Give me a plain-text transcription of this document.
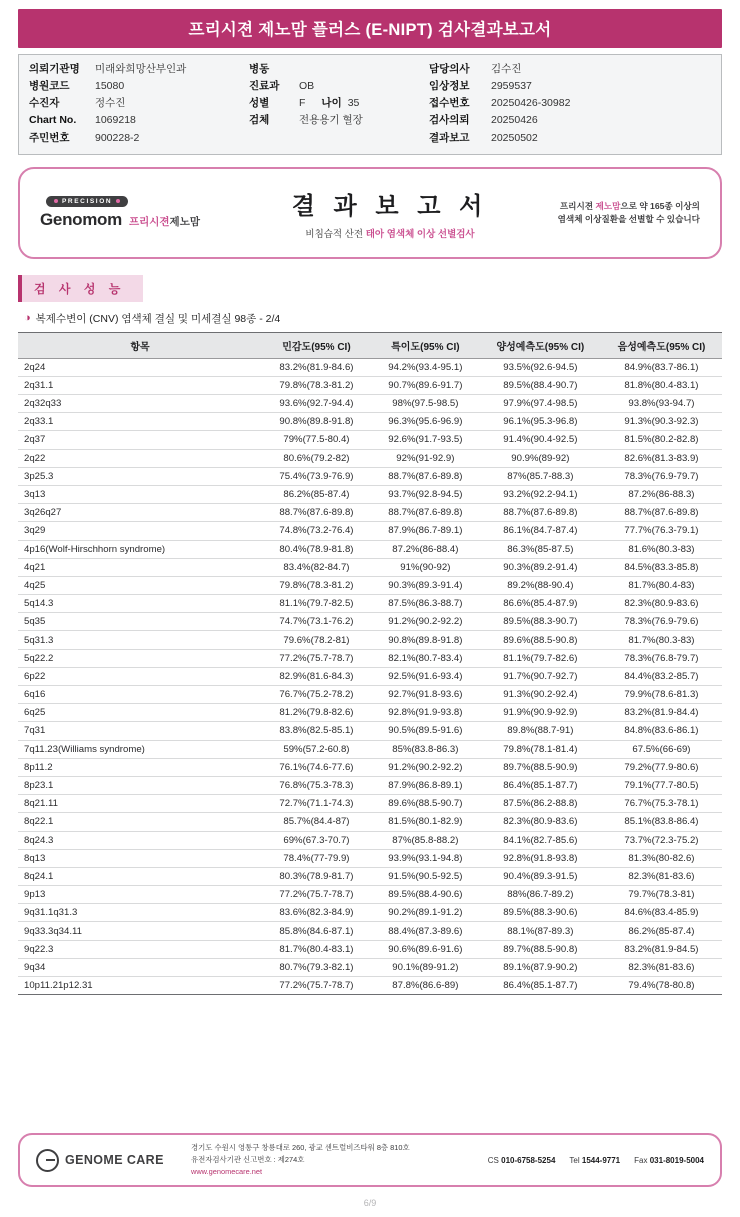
프리시젼 제노맘 플러스 (E-NIPT) 검사결과보고서
의뢰기관명	미래와희망산부인과
병원코드	15080
수진자	정수진
Chart No.	1069218
주민번호	900228-2
병동
진료과	OB
성별	F 나이 35
검체	전용용기 혈장
담당의사	김수진
임상정보	2959537
접수번호	20250426-30982
검사의뢰	20250426
결과보고	20250502
PRECISION
Genomom 프리시젼제노맘
결 과 보 고 서
비침습적 산전 태아 염색체 이상 선별검사
프리시젼 제노맘으로 약 165종 이상의
염색체 이상질환을 선별할 수 있습니다
검 사 성 능
◑ 복제수변이 (CNV) 염색체 결실 및 미세결실 98종 - 2/4
항목	민감도(95% CI)	특이도(95% CI)	양성예측도(95% CI)	음성예측도(95% CI)
2q24	83.2%(81.9-84.6)	94.2%(93.4-95.1)	93.5%(92.6-94.5)	84.9%(83.7-86.1)
2q31.1	79.8%(78.3-81.2)	90.7%(89.6-91.7)	89.5%(88.4-90.7)	81.8%(80.4-83.1)
2q32q33	93.6%(92.7-94.4)	98%(97.5-98.5)	97.9%(97.4-98.5)	93.8%(93-94.7)
2q33.1	90.8%(89.8-91.8)	96.3%(95.6-96.9)	96.1%(95.3-96.8)	91.3%(90.3-92.3)
2q37	79%(77.5-80.4)	92.6%(91.7-93.5)	91.4%(90.4-92.5)	81.5%(80.2-82.8)
2q22	80.6%(79.2-82)	92%(91-92.9)	90.9%(89-92)	82.6%(81.3-83.9)
3p25.3	75.4%(73.9-76.9)	88.7%(87.6-89.8)	87%(85.7-88.3)	78.3%(76.9-79.7)
3q13	86.2%(85-87.4)	93.7%(92.8-94.5)	93.2%(92.2-94.1)	87.2%(86-88.3)
3q26q27	88.7%(87.6-89.8)	88.7%(87.6-89.8)	88.7%(87.6-89.8)	88.7%(87.6-89.8)
3q29	74.8%(73.2-76.4)	87.9%(86.7-89.1)	86.1%(84.7-87.4)	77.7%(76.3-79.1)
4p16(Wolf-Hirschhorn syndrome)	80.4%(78.9-81.8)	87.2%(86-88.4)	86.3%(85-87.5)	81.6%(80.3-83)
4q21	83.4%(82-84.7)	91%(90-92)	90.3%(89.2-91.4)	84.5%(83.3-85.8)
4q25	79.8%(78.3-81.2)	90.3%(89.3-91.4)	89.2%(88-90.4)	81.7%(80.4-83)
5q14.3	81.1%(79.7-82.5)	87.5%(86.3-88.7)	86.6%(85.4-87.9)	82.3%(80.9-83.6)
5q35	74.7%(73.1-76.2)	91.2%(90.2-92.2)	89.5%(88.3-90.7)	78.3%(76.9-79.6)
5q31.3	79.6%(78.2-81)	90.8%(89.8-91.8)	89.6%(88.5-90.8)	81.7%(80.3-83)
5q22.2	77.2%(75.7-78.7)	82.1%(80.7-83.4)	81.1%(79.7-82.6)	78.3%(76.8-79.7)
6p22	82.9%(81.6-84.3)	92.5%(91.6-93.4)	91.7%(90.7-92.7)	84.4%(83.2-85.7)
6q16	76.7%(75.2-78.2)	92.7%(91.8-93.6)	91.3%(90.2-92.4)	79.9%(78.6-81.3)
6q25	81.2%(79.8-82.6)	92.8%(91.9-93.8)	91.9%(90.9-92.9)	83.2%(81.9-84.4)
7q31	83.8%(82.5-85.1)	90.5%(89.5-91.6)	89.8%(88.7-91)	84.8%(83.6-86.1)
7q11.23(Williams syndrome)	59%(57.2-60.8)	85%(83.8-86.3)	79.8%(78.1-81.4)	67.5%(66-69)
8p11.2	76.1%(74.6-77.6)	91.2%(90.2-92.2)	89.7%(88.5-90.9)	79.2%(77.9-80.6)
8p23.1	76.8%(75.3-78.3)	87.9%(86.8-89.1)	86.4%(85.1-87.7)	79.1%(77.7-80.5)
8q21.11	72.7%(71.1-74.3)	89.6%(88.5-90.7)	87.5%(86.2-88.8)	76.7%(75.3-78.1)
8q22.1	85.7%(84.4-87)	81.5%(80.1-82.9)	82.3%(80.9-83.6)	85.1%(83.8-86.4)
8q24.3	69%(67.3-70.7)	87%(85.8-88.2)	84.1%(82.7-85.6)	73.7%(72.3-75.2)
8q13	78.4%(77-79.9)	93.9%(93.1-94.8)	92.8%(91.8-93.8)	81.3%(80-82.6)
8q24.1	80.3%(78.9-81.7)	91.5%(90.5-92.5)	90.4%(89.3-91.5)	82.3%(81-83.6)
9p13	77.2%(75.7-78.7)	89.5%(88.4-90.6)	88%(86.7-89.2)	79.7%(78.3-81)
9q31.1q31.3	83.6%(82.3-84.9)	90.2%(89.1-91.2)	89.5%(88.3-90.6)	84.6%(83.4-85.9)
9q33.3q34.11	85.8%(84.6-87.1)	88.4%(87.3-89.6)	88.1%(87-89.3)	86.2%(85-87.4)
9q22.3	81.7%(80.4-83.1)	90.6%(89.6-91.6)	89.7%(88.5-90.8)	83.2%(81.9-84.5)
9q34	80.7%(79.3-82.1)	90.1%(89-91.2)	89.1%(87.9-90.2)	82.3%(81-83.6)
10p11.21p12.31	77.2%(75.7-78.7)	87.8%(86.6-89)	86.4%(85.1-87.7)	79.4%(78-80.8)
GENOME CARE
경기도 수원시 영통구 창룡대로 260, 광교 센트럴비즈타워 8층 810호
유전자검사기관 신고번호 : 제274호
www.genomecare.net
CS 010-6758-5254 Tel 1544-9771 Fax 031-8019-5004
6/9
